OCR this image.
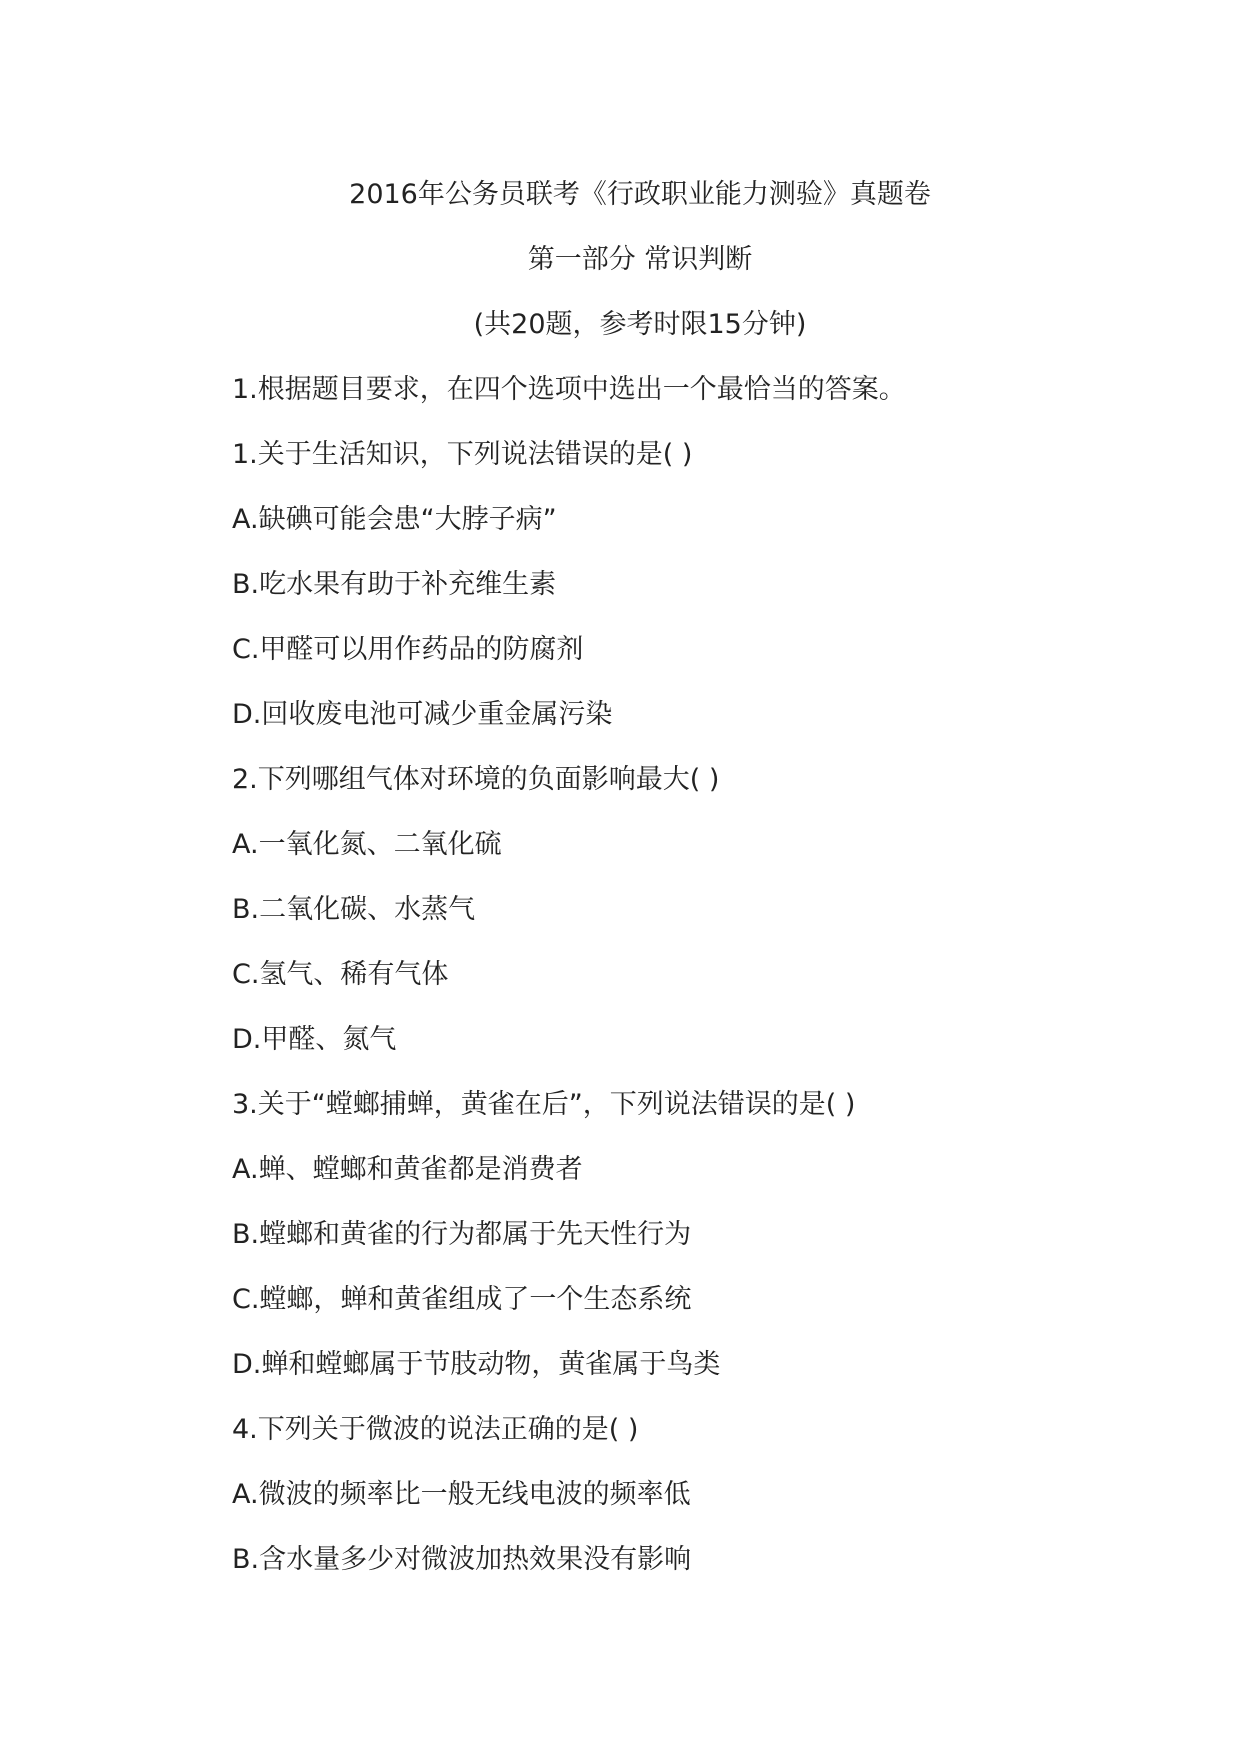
2016年公务员联考《行政职业能力测验》真题卷
第一部分 常识判断
(共20题，参考时限15分钟)
1.根据题目要求，在四个选项中选出一个最恰当的答案。
1.关于生活知识，下列说法错误的是( )
A.缺碘可能会患“大脖子病”
B.吃水果有助于补充维生素
C.甲醛可以用作药品的防腐剂
D.回收废电池可减少重金属污染
2.下列哪组气体对环境的负面影响最大( )
A.一氧化氮、二氧化硫
B.二氧化碳、水蒸气
C.氢气、稀有气体
D.甲醛、氮气
3.关于“螳螂捕蝉，黄雀在后”，下列说法错误的是( )
A.蝉、螳螂和黄雀都是消费者
B.螳螂和黄雀的行为都属于先天性行为
C.螳螂，蝉和黄雀组成了一个生态系统
D.蝉和螳螂属于节肢动物，黄雀属于鸟类
4.下列关于微波的说法正确的是( )
A.微波的频率比一般无线电波的频率低
B.含水量多少对微波加热效果没有影响
